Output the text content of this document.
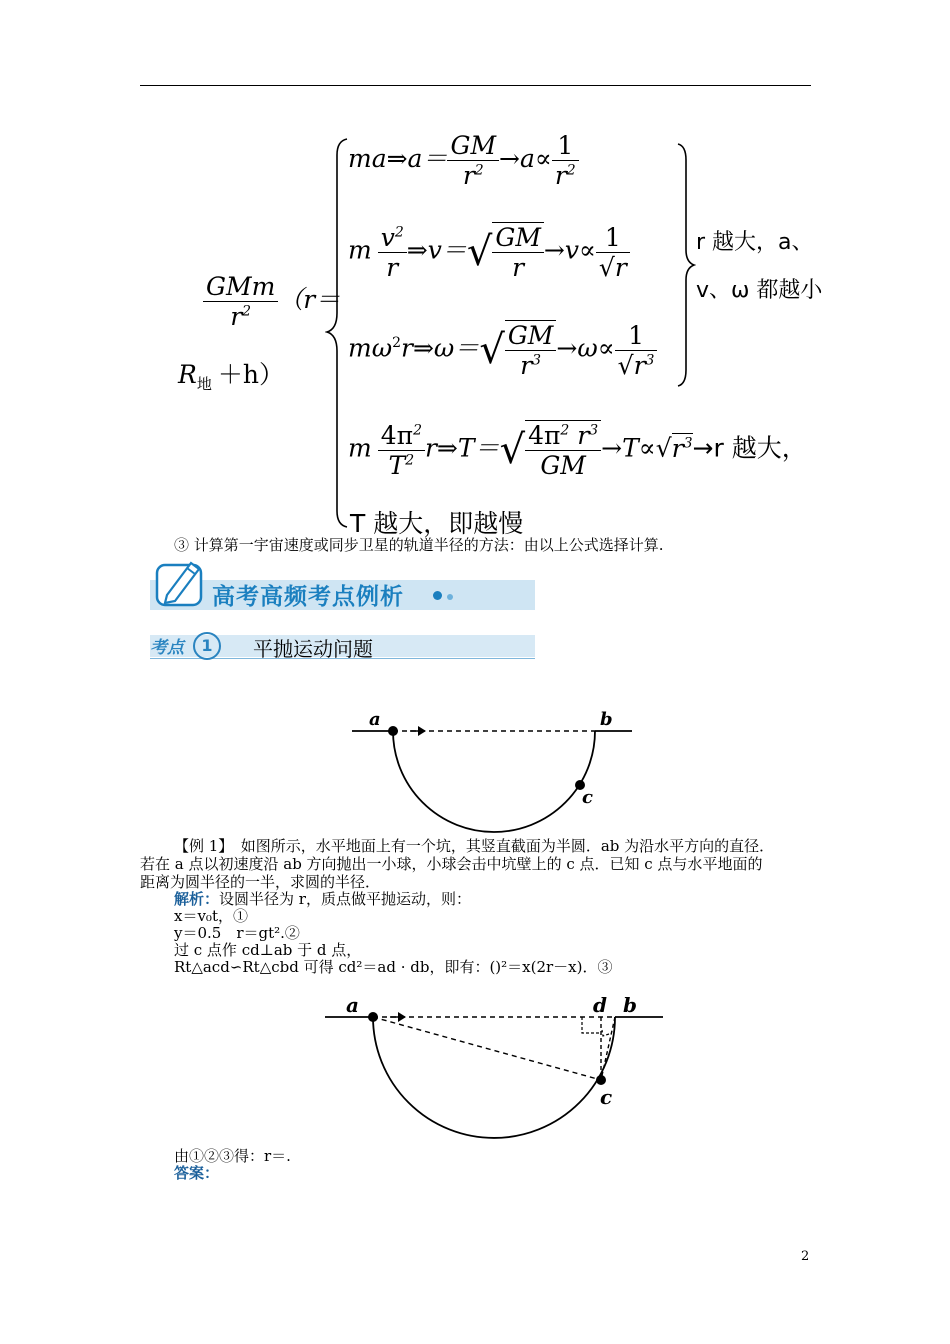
$\frac{\text{GMm}}{r^2} (r=$
$R_地 +h$）
ma⇒a＝ $\frac{GM}{r^2} \to a\propto \frac{1}{r^2}$
m $\frac{v^2}{r}$ ⇒v＝√ $\frac{GM}{r} \to v\propto \frac{1}{√r}$
$m\omega^2r\Rightarrow\omega=√ \frac{GM}{r^3} \to\omega\propto \frac{1}{√r^3}$
m $\frac{4\pi^2}{T^2}$ r⇒T＝√ $\frac{4\pi^2 r^3}{GM} \to T\propto√r^3\to r$ 越大，
T 越大，即越慢
r 越大，a、
v、ω 都越小
③ 计算第一宇宙速度或同步卫星的轨道半径的方法：由以上公式选择计算.
高考高频考点例析
考点	1	平抛运动问题
a	b
c
【例 1】　如图所示，水平地面上有一个坑，其竖直截面为半圆．ab 为沿水平方向的直径．
若在 a 点以初速度沿 ab 方向抛出一小球，小球会击中坑壁上的 c 点．已知 c 点与水平地面的
距离为圆半径的一半，求圆的半径．
解析：设圆半径为 r，质点做平抛运动，则：
x＝v₀t，①
y＝0.5　r＝gt².②
过 c 点作 cd⊥ab 于 d 点，
Rt△acd∽Rt△cbd 可得 cd²＝ad · db，即有：()²＝x(2r－x)．③
a	d b
c
由①②③得：r＝.
答案：
2
